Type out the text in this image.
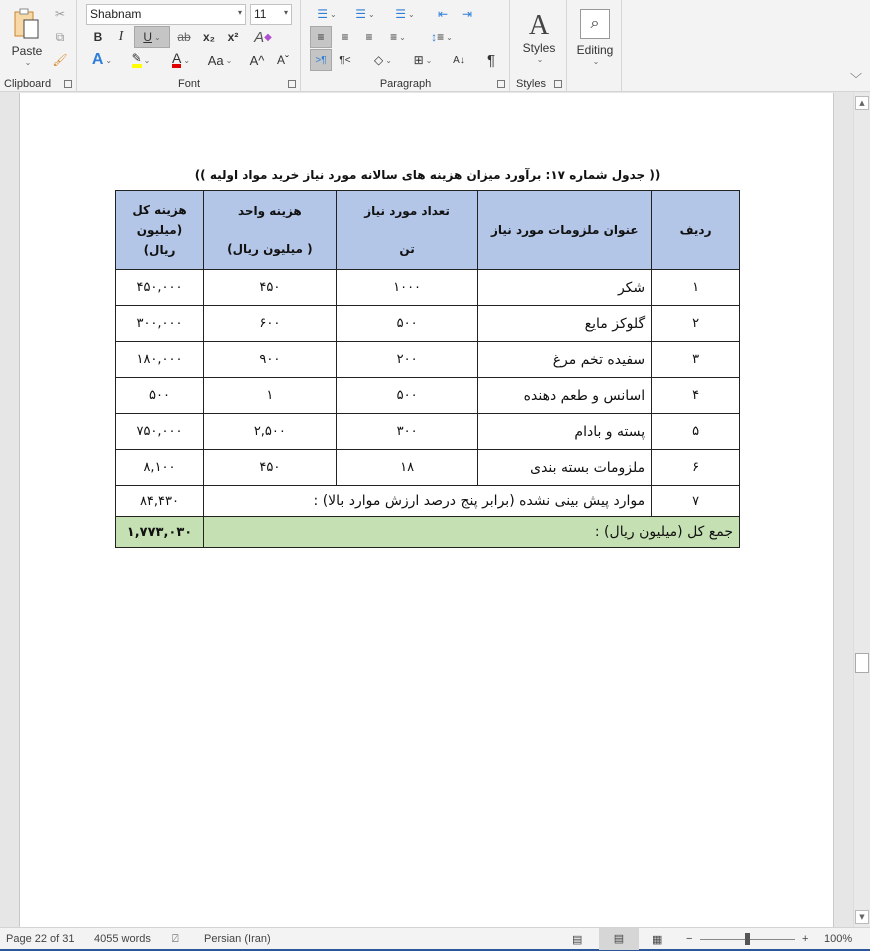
Paste
⌄
✂
⧉
🖌
Clipboard
Shabnam	▾	11 ▾
B	I	U ⌄ ab	x₂	x²	A ◆
A ⌄ ✎ ⌄ A ⌄ Aa ⌄ A^	Aˇ
Font
☰ ⌄ ☰ ⌄ ☰ ⌄ ⇤ ⇥
≡ ≡ ≡ ≡ ⌄ ↕ ≡ ⌄
>¶	¶<	◇ ⌄ ⊞ ⌄ A↓	¶
Paragraph
A
Styles
⌄
Styles
⌕
Editing
⌄
﹀
(( جدول شماره ۱۷: برآورد میزان هزینه های سالانه مورد نیاز خرید مواد اولیه ))
ردیف	عنوان ملزومات مورد نیاز	
تعداد مورد نیاز
تن

هزینه واحد
( میلیون ریال)

هزینه کل
(میلیون
ریال)

۱	شکر	۱۰۰۰	۴۵۰	۴۵۰,۰۰۰
۲	گلوکز مایع	۵۰۰	۶۰۰	۳۰۰,۰۰۰
۳	سفیده تخم مرغ	۲۰۰	۹۰۰	۱۸۰,۰۰۰
۴	اسانس و طعم دهنده	۵۰۰	۱	۵۰۰
۵	پسته و بادام	۳۰۰	۲,۵۰۰	۷۵۰,۰۰۰
۶	ملزومات بسته بندی	۱۸	۴۵۰	۸,۱۰۰
۷	موارد پیش بینی نشده (برابر پنج درصد ارزش موارد بالا) :			۸۴,۴۳۰
جمع کل (میلیون ریال) :				۱,۷۷۳,۰۳۰
▲
▼
Page 22 of 31 4055 words ⍁ Persian (Iran)	▤	▤	▦ −	+ 100%
